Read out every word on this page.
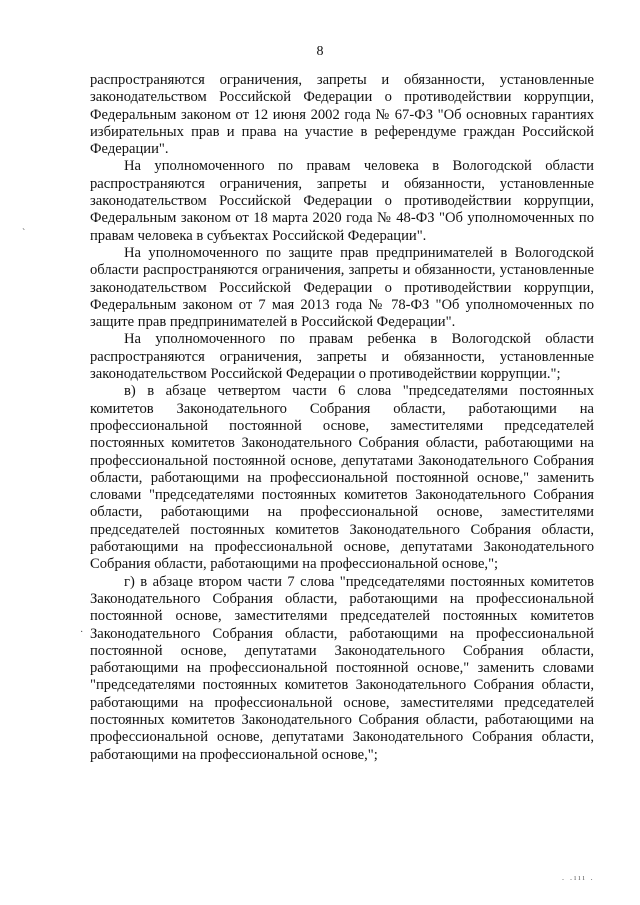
8
`
·

распространяются ограничения, запреты и обязанности, установленные законодательством Российской Федерации о противодействии коррупции, Федеральным законом от 12 июня 2002 года № 67-ФЗ "Об основных гарантиях избирательных прав и права на участие в референдуме граждан Российской Федерации".

На уполномоченного по правам человека в Вологодской области распространяются ограничения, запреты и обязанности, установленные законодательством Российской Федерации о противодействии коррупции, Федеральным законом от 18 марта 2020 года № 48-ФЗ "Об уполномоченных по правам человека в субъектах Российской Федерации".

На уполномоченного по защите прав предпринимателей в Вологодской области распространяются ограничения, запреты и обязанности, установленные законодательством Российской Федерации о противодействии коррупции, Федеральным законом от 7 мая 2013 года № 78-ФЗ "Об уполномоченных по защите прав предпринимателей в Российской Федерации".

На уполномоченного по правам ребенка в Вологодской области распространяются ограничения, запреты и обязанности, установленные законодательством Российской Федерации о противодействии коррупции.";

в) в абзаце четвертом части 6 слова "председателями постоянных комитетов Законодательного Собрания области, работающими на профессиональной постоянной основе, заместителями председателей постоянных комитетов Законодательного Собрания области, работающими на профессиональной постоянной основе, депутатами Законодательного Собрания области, работающими на профессиональной постоянной основе," заменить словами "председателями постоянных комитетов Законодательного Собрания области, работающими на профессиональной основе, заместителями председателей постоянных комитетов Законодательного Собрания области, работающими на профессиональной основе, депутатами Законодательного Собрания области, работающими на профессиональной основе,";

г) в абзаце втором части 7 слова "председателями постоянных комитетов Законодательного Собрания области, работающими на профессиональной постоянной основе, заместителями председателей постоянных комитетов Законодательного Собрания области, работающими на профессиональной постоянной основе, депутатами Законодательного Собрания области, работающими на профессиональной постоянной основе," заменить словами "председателями постоянных комитетов Законодательного Собрания области, работающими на профессиональной основе, заместителями председателей постоянных комитетов Законодательного Собрания области, работающими на профессиональной основе, депутатами Законодательного Собрания области, работающими на профессиональной основе,";

. .ııı .
